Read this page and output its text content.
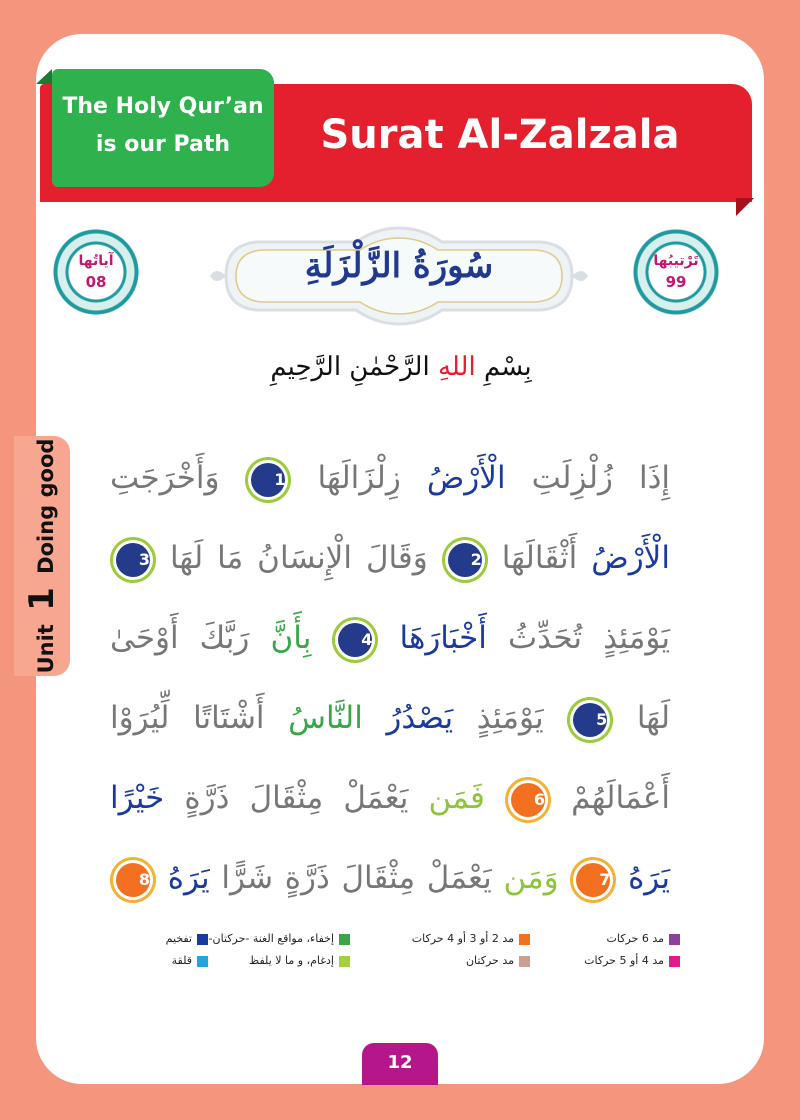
Surat Al-Zalzala
The Holy Qur’an
is our Path
آياتُها
08
تَرْتيبُها
99
سُورَةُ الزَّلْزَلَةِ
بِسْمِ اللهِ الرَّحْمٰنِ الرَّحِيمِ
إِذَا زُلْزِلَتِ الْأَرْضُ زِلْزَالَهَا 1 وَأَخْرَجَتِ
الْأَرْضُ أَثْقَالَهَا 2 وَقَالَ الْإِنسَانُ مَا لَهَا 3
يَوْمَئِذٍ تُحَدِّثُ أَخْبَارَهَا 4 بِأَنَّ رَبَّكَ أَوْحَىٰ
لَهَا 5 يَوْمَئِذٍ يَصْدُرُ النَّاسُ أَشْتَاتًا لِّيُرَوْا
أَعْمَالَهُمْ 6 فَمَن يَعْمَلْ مِثْقَالَ ذَرَّةٍ خَيْرًا
يَرَهُ 7 وَمَن يَعْمَلْ مِثْقَالَ ذَرَّةٍ شَرًّا يَرَهُ 8
Unit 1 Doing good
مد 6 حركات
مد 4 أو 5 حركات
مد 2 أو 3 أو 4 حركات
مد حركتان
إخفاء، مواقع الغنة -حركتان-
إدغام، و ما لا يلفظ
تفخيم
قلقة
12
